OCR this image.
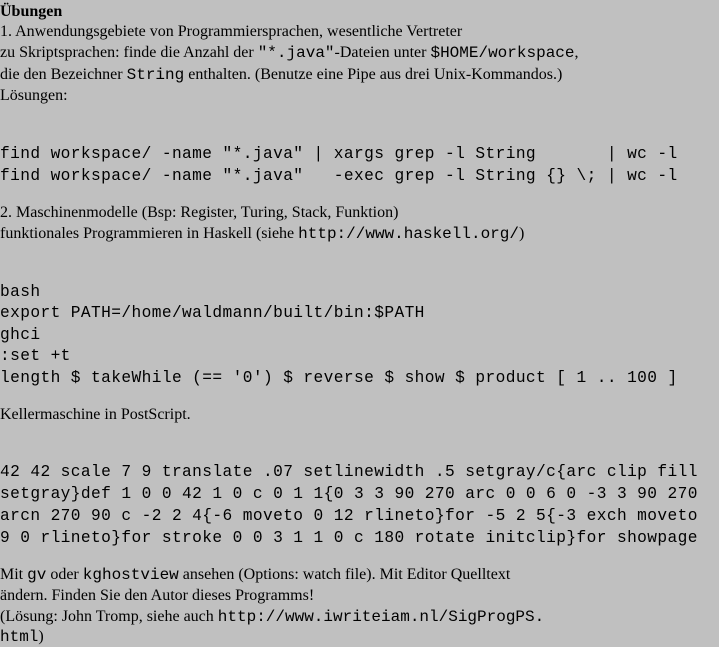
Übungen
1. Anwendungsgebiete von Programmiersprachen, wesentliche Vertreter
zu Skriptsprachen: finde die Anzahl der "*.java"-Dateien unter $HOME/workspace,
die den Bezeichner String enthalten. (Benutze eine Pipe aus drei Unix-Kommandos.)
Lösungen:
find workspace/ -name "*.java" | xargs grep -l String       | wc -l
find workspace/ -name "*.java"   -exec grep -l String {} \; | wc -l
2. Maschinenmodelle (Bsp: Register, Turing, Stack, Funktion)
funktionales Programmieren in Haskell (siehe http://www.haskell.org/)
bash
export PATH=/home/waldmann/built/bin:$PATH
ghci
:set +t
length $ takeWhile (== '0') $ reverse $ show $ product [ 1 .. 100 ]
Kellermaschine in PostScript.
42 42 scale 7 9 translate .07 setlinewidth .5 setgray/c{arc clip fill
setgray}def 1 0 0 42 1 0 c 0 1 1{0 3 3 90 270 arc 0 0 6 0 -3 3 90 270
arcn 270 90 c -2 2 4{-6 moveto 0 12 rlineto}for -5 2 5{-3 exch moveto
9 0 rlineto}for stroke 0 0 3 1 1 0 c 180 rotate initclip}for showpage
Mit gv oder kghostview ansehen (Options: watch file). Mit Editor Quelltext
ändern. Finden Sie den Autor dieses Programms!
(Lösung: John Tromp, siehe auch http://www.iwriteiam.nl/SigProgPS.
html)
